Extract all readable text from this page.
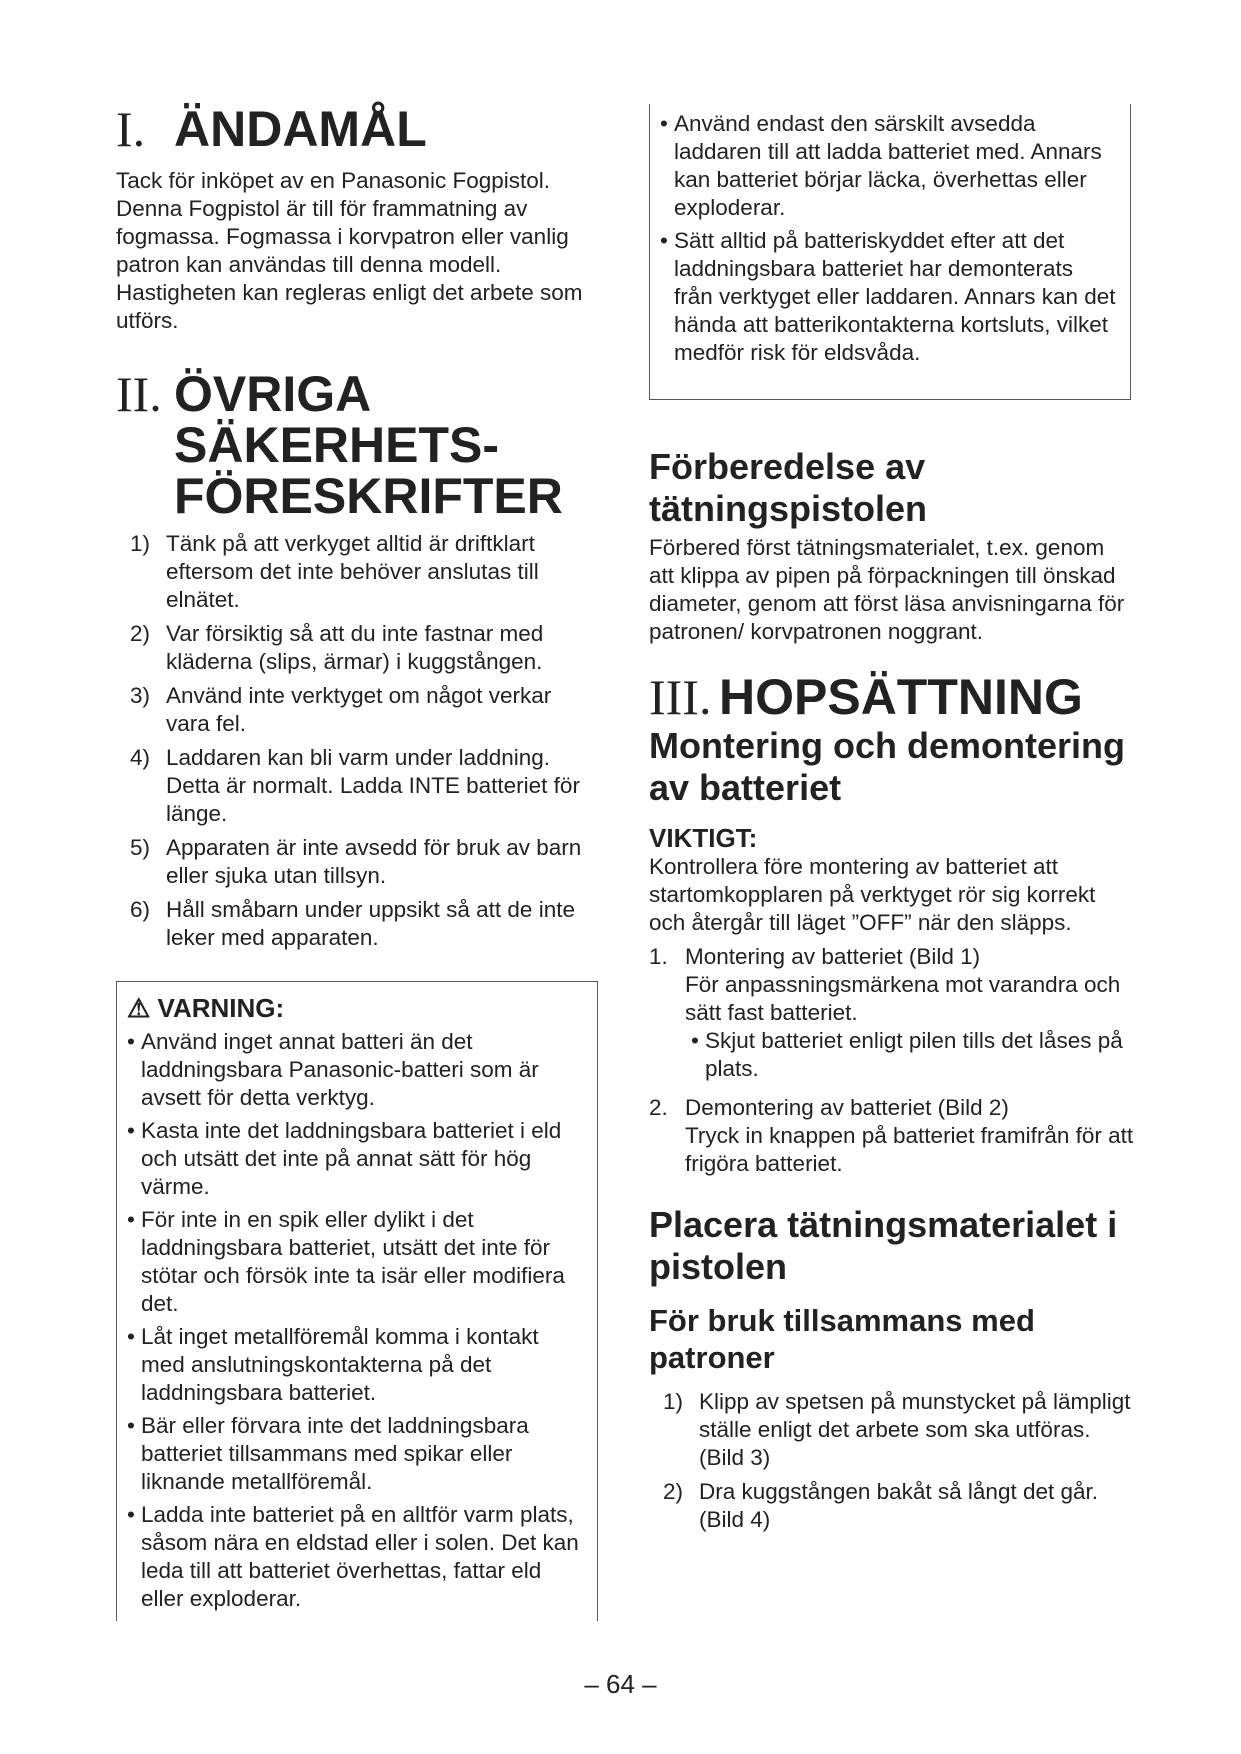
I. ÄNDAMÅL

Tack för inköpet av en Panasonic Fogpistol. Denna Fogpistol är till för frammatning av fogmassa. Fogmassa i korvpatron eller vanlig patron kan användas till denna modell. Hastigheten kan regleras enligt det arbete som utförs.

II. ÖVRIGA
SÄKERHETS-
FÖRESKRIFTER
1) Tänk på att verkyget alltid är driftklart eftersom det inte behöver anslutas till elnätet.
2) Var försiktig så att du inte fastnar med kläderna (slips, ärmar) i kuggstången.
3) Använd inte verktyget om något verkar vara fel.
4) Laddaren kan bli varm under laddning. Detta är normalt. Ladda INTE batteriet för länge.
5) Apparaten är inte avsedd för bruk av barn eller sjuka utan tillsyn.
6) Håll småbarn under uppsikt så att de inte leker med apparaten.
⚠ VARNING:
• Använd inget annat batteri än det laddningsbara Panasonic-batteri som är avsett för detta verktyg.
• Kasta inte det laddningsbara batteriet i eld och utsätt det inte på annat sätt för hög värme.
• För inte in en spik eller dylikt i det laddningsbara batteriet, utsätt det inte för stötar och försök inte ta isär eller modifiera det.
• Låt inget metallföremål komma i kontakt med anslutningskontakterna på det laddningsbara batteriet.
• Bär eller förvara inte det laddningsbara batteriet tillsammans med spikar eller liknande metallföremål.
• Ladda inte batteriet på en alltför varm plats, såsom nära en eldstad eller i solen. Det kan leda till att batteriet överhettas, fattar eld eller exploderar.
• Använd endast den särskilt avsedda laddaren till att ladda batteriet med. Annars kan batteriet börjar läcka, överhettas eller exploderar.
• Sätt alltid på batteriskyddet efter att det laddningsbara batteriet har demonterats från verktyget eller laddaren. Annars kan det hända att batterikontakterna kortsluts, vilket medför risk för eldsvåda.
Förberedelse av tätningspistolen

Förbered först tätningsmaterialet, t.ex. genom att klippa av pipen på förpackningen till önskad diameter, genom att först läsa anvisningarna för patronen/ korvpatronen noggrant.

III. HOPSÄTTNING
Montering och demontering av batteriet
VIKTIGT:

Kontrollera före montering av batteriet att startomkopplaren på verktyget rör sig korrekt och återgår till läget ”OFF” när den släpps.

1. Montering av batteriet (Bild 1)
För anpassningsmärkena mot varandra och sätt fast batteriet.
• Skjut batteriet enligt pilen tills det låses på plats.
2. Demontering av batteriet (Bild 2)
Tryck in knappen på batteriet framifrån för att frigöra batteriet.
Placera tätningsmaterialet i pistolen
För bruk tillsammans med patroner
1) Klipp av spetsen på munstycket på lämpligt ställe enligt det arbete som ska utföras. (Bild 3)
2) Dra kuggstången bakåt så långt det går. (Bild 4)
– 64 –
